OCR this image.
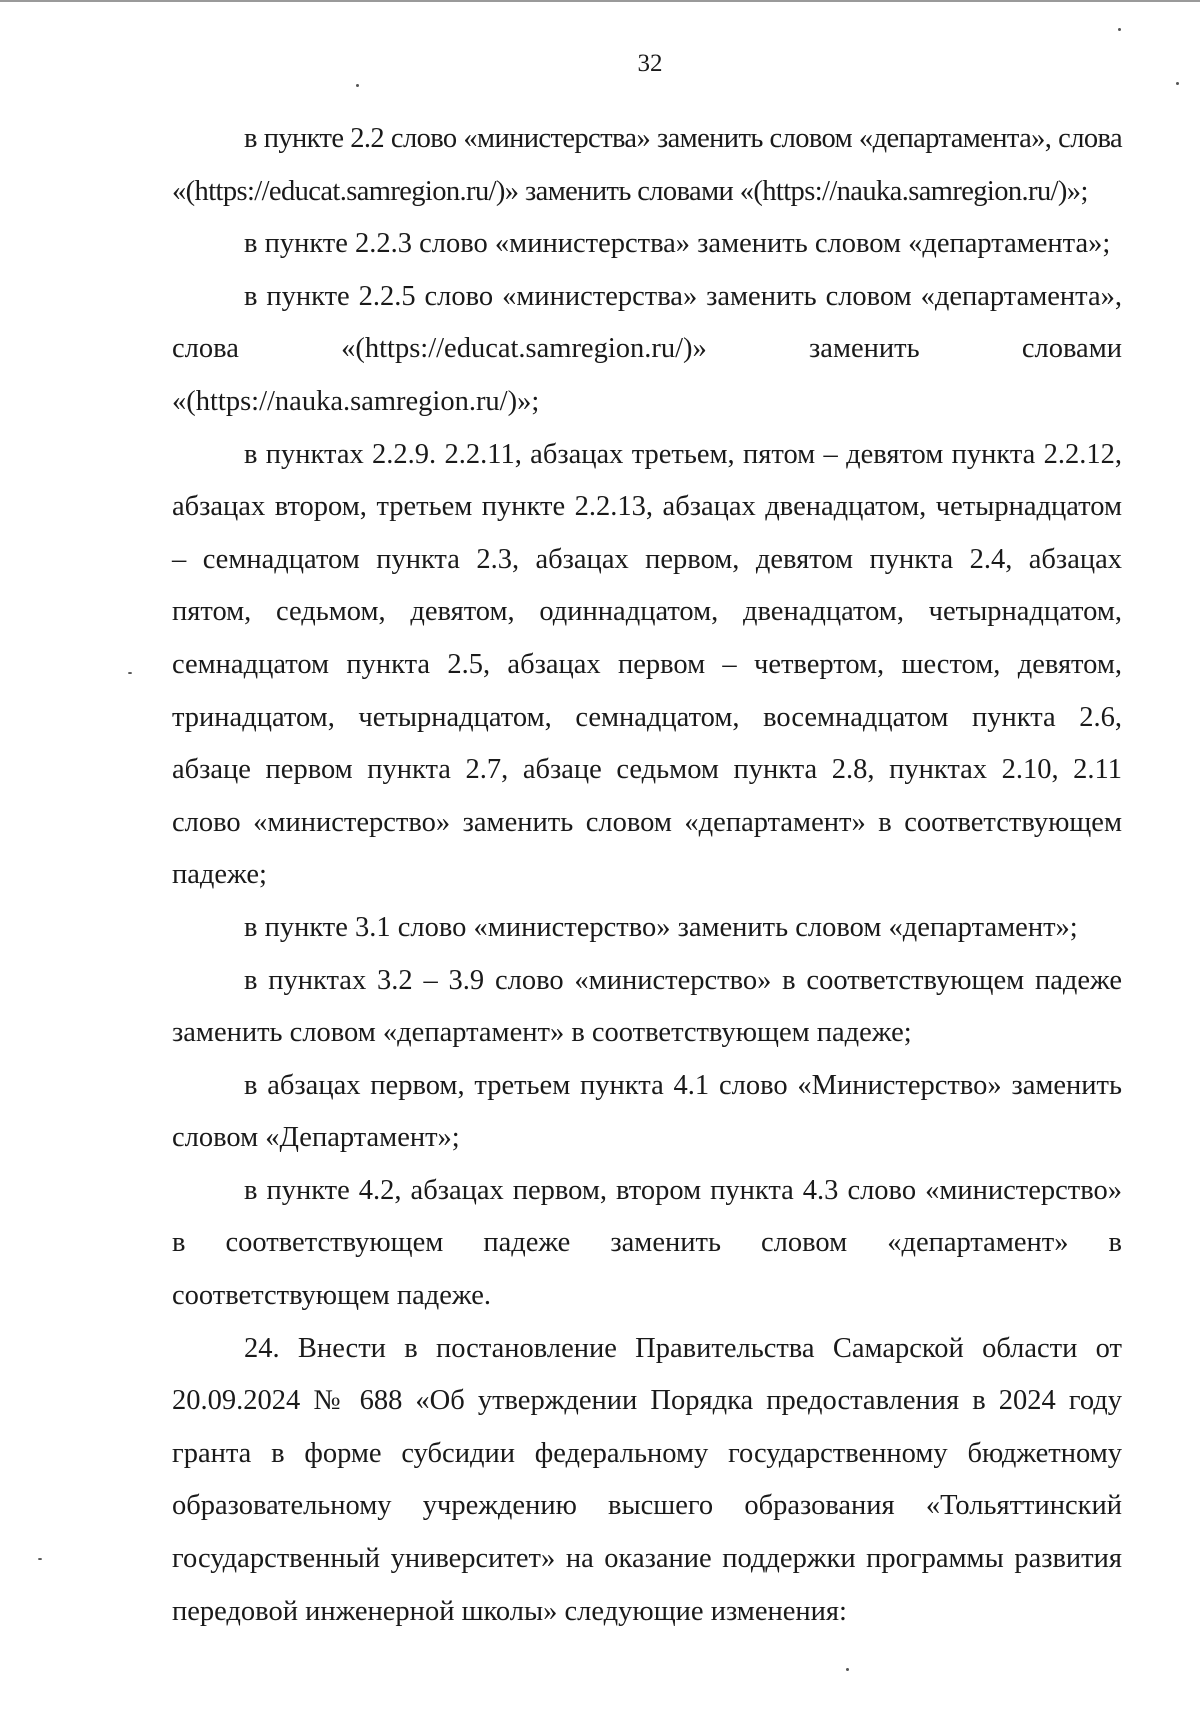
32

в пункте 2.2 слово «министерства» заменить словом «департамента», слова «(https://educat.samregion.ru/)» заменить словами «(https://nauka.samregion.ru/)»;

в пункте 2.2.3 слово «министерства» заменить словом «департамента»;

в пункте 2.2.5 слово «министерства» заменить словом «департамента», слова «(https://educat.samregion.ru/)» заменить словами «(https://nauka.samregion.ru/)»;

в пунктах 2.2.9. 2.2.11, абзацах третьем, пятом – девятом пункта 2.2.12, абзацах втором, третьем пункте 2.2.13, абзацах двенадцатом, четырнадцатом – семнадцатом пункта 2.3, абзацах первом, девятом пункта 2.4, абзацах пятом, седьмом, девятом, одиннадцатом, двенадцатом, четырнадцатом, семнадцатом пункта 2.5, абзацах первом – четвертом, шестом, девятом, тринадцатом, четырнадцатом, семнадцатом, восемнадцатом пункта 2.6, абзаце первом пункта 2.7, абзаце седьмом пункта 2.8, пунктах 2.10, 2.11 слово «министерство» заменить словом «департамент» в соответствующем падеже;

в пункте 3.1 слово «министерство» заменить словом «департамент»;

в пунктах 3.2 – 3.9 слово «министерство» в соответствующем падеже заменить словом «департамент» в соответствующем падеже;

в абзацах первом, третьем пункта 4.1 слово «Министерство» заменить словом «Департамент»;

в пункте 4.2, абзацах первом, втором пункта 4.3 слово «министерство» в соответствующем падеже заменить словом «департамент» в соответствующем падеже.

24. Внести в постановление Правительства Самарской области от 20.09.2024 № 688 «Об утверждении Порядка предоставления в 2024 году гранта в форме субсидии федеральному государственному бюджетному образовательному учреждению высшего образования «Тольяттинский государственный университет» на оказание поддержки программы развития передовой инженерной школы» следующие изменения:
